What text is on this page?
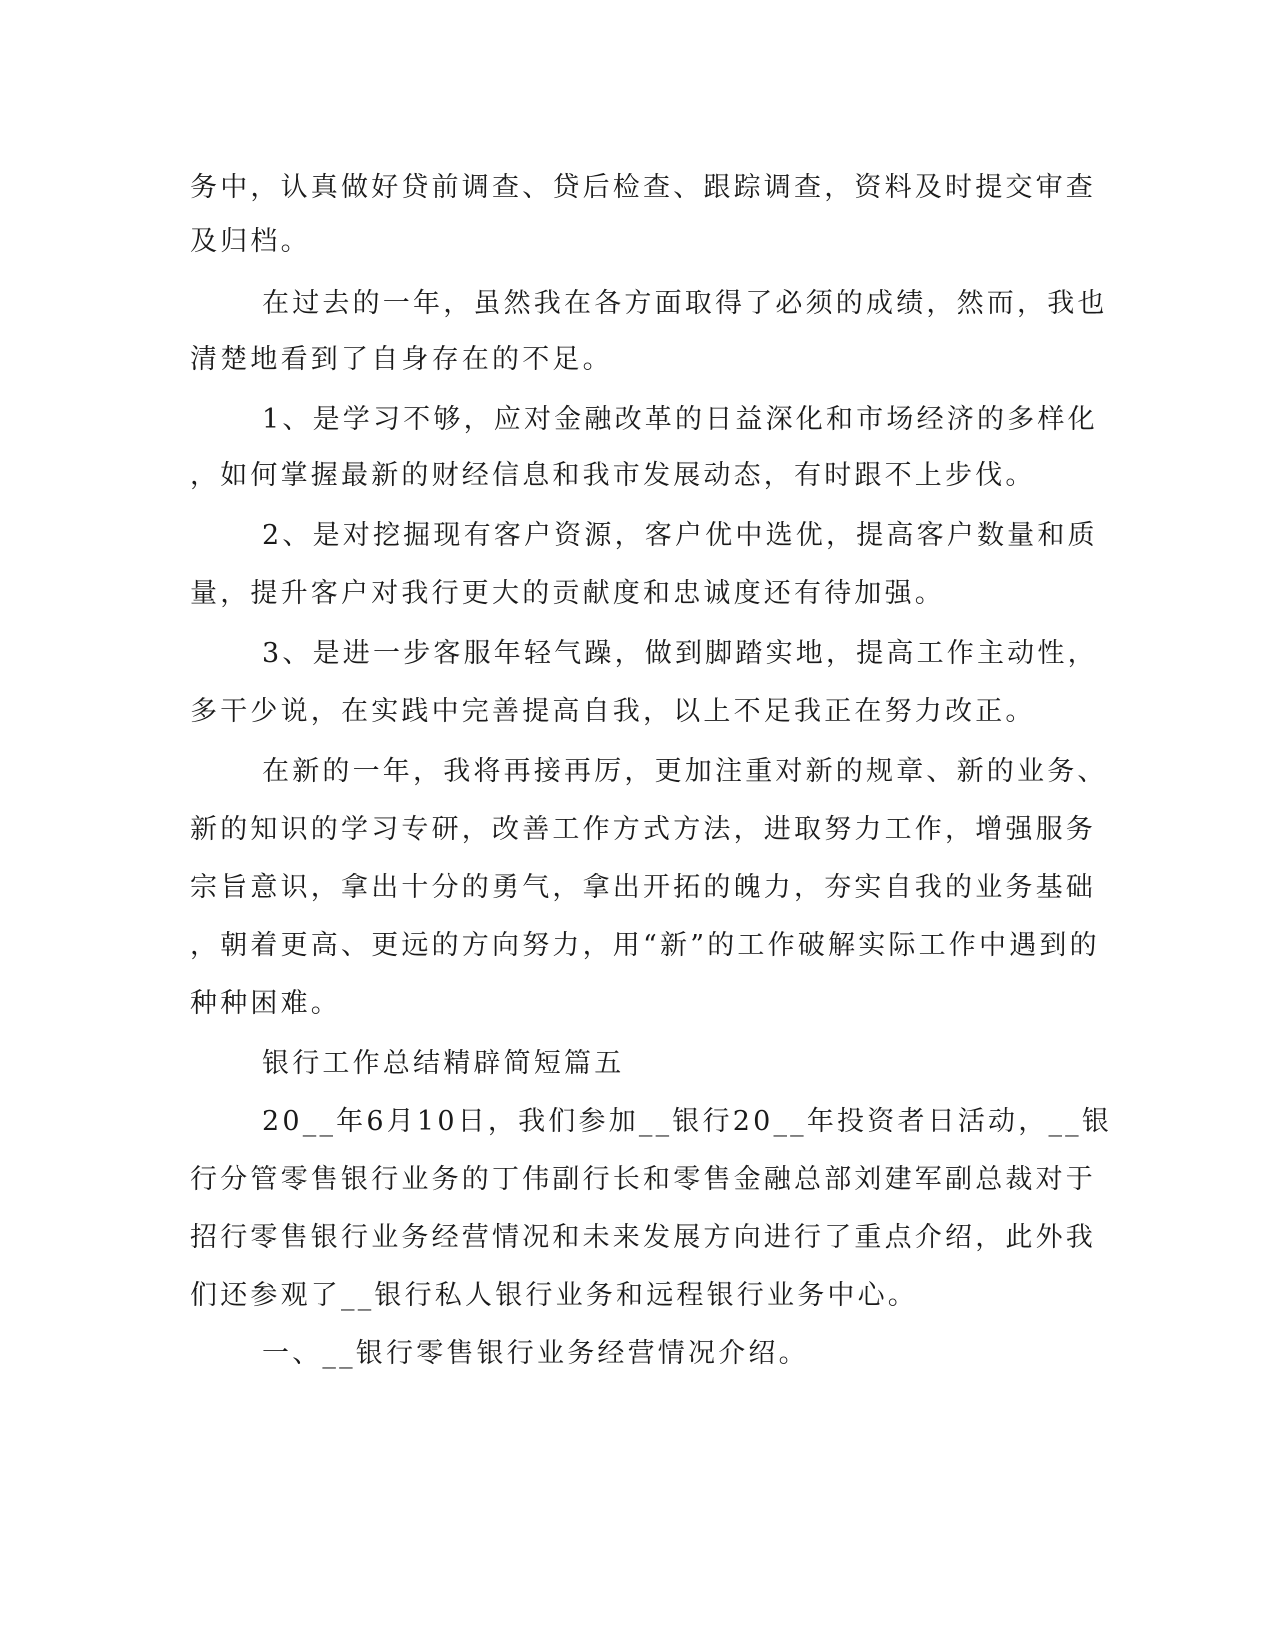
务中，认真做好贷前调查、贷后检查、跟踪调查，资料及时提交审查
及归档。
在过去的一年，虽然我在各方面取得了必须的成绩，然而，我也
清楚地看到了自身存在的不足。
1、是学习不够，应对金融改革的日益深化和市场经济的多样化
，如何掌握最新的财经信息和我市发展动态，有时跟不上步伐。
2、是对挖掘现有客户资源，客户优中选优，提高客户数量和质
量，提升客户对我行更大的贡献度和忠诚度还有待加强。
3、是进一步客服年轻气躁，做到脚踏实地，提高工作主动性，
多干少说，在实践中完善提高自我，以上不足我正在努力改正。
在新的一年，我将再接再厉，更加注重对新的规章、新的业务、
新的知识的学习专研，改善工作方式方法，进取努力工作，增强服务
宗旨意识，拿出十分的勇气，拿出开拓的魄力，夯实自我的业务基础
，朝着更高、更远的方向努力，用“新”的工作破解实际工作中遇到的
种种困难。
银行工作总结精辟简短篇五
20__年6月10日，我们参加__银行20__年投资者日活动，__银
行分管零售银行业务的丁伟副行长和零售金融总部刘建军副总裁对于
招行零售银行业务经营情况和未来发展方向进行了重点介绍，此外我
们还参观了__银行私人银行业务和远程银行业务中心。
一、__银行零售银行业务经营情况介绍。
